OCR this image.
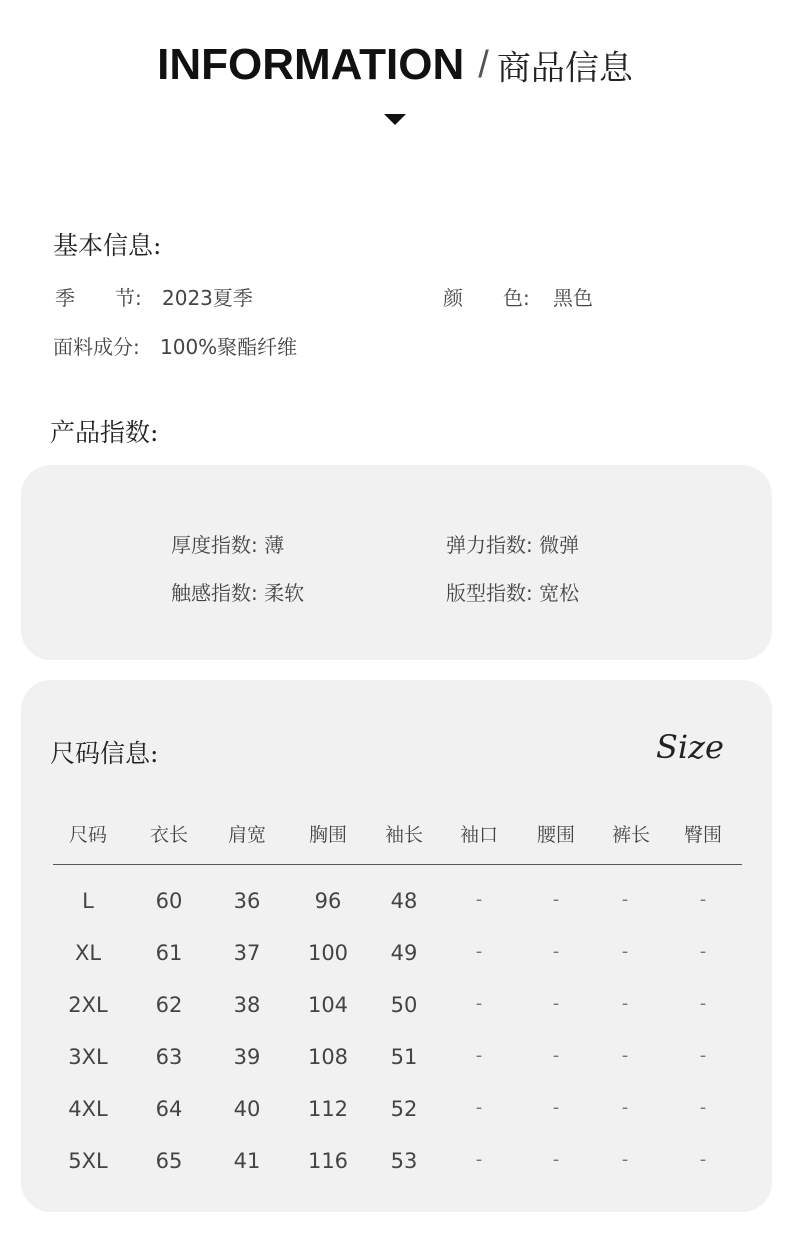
INFORMATION / 商品信息
基本信息:
季　　节: 2023夏季	颜　　色: 黑色
面料成分: 100%聚酯纤维
产品指数:
厚度指数: 薄	弹力指数: 微弹
触感指数: 柔软	版型指数: 宽松
尺码信息:	Size
尺码 衣长 肩宽 胸围 袖长 袖口 腰围 裤长 臀围
L	60 36	96 48	-	-	-	-
XL	61 37 100 49	-	-	-	-
2XL 62 38 104 50	-	-	-	-
3XL 63 39 108 51	-	-	-	-
4XL 64 40 112 52	-	-	-	-
5XL 65 41 116 53	-	-	-	-
